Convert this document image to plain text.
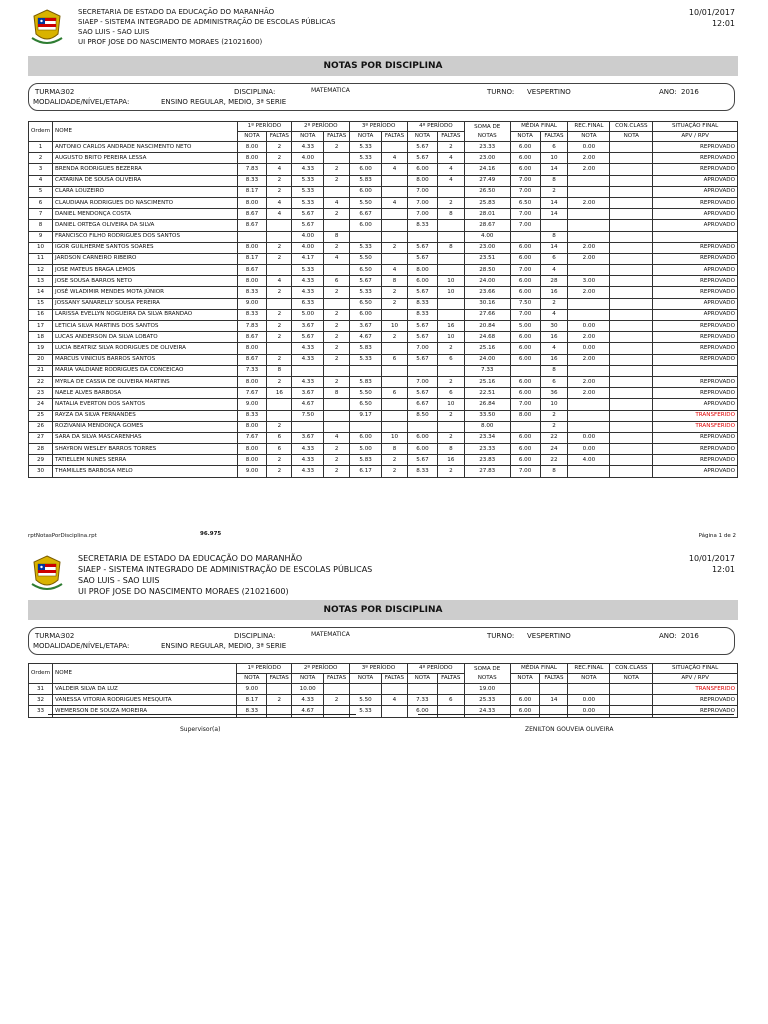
SECRETARIA DE ESTADO DA EDUCAÇÃO DO MARANHÃO
SIAEP - SISTEMA INTEGRADO DE ADMINISTRAÇÃO DE ESCOLAS PÚBLICAS
SAO LUIS - SAO LUIS
UI PROF JOSE DO NASCIMENTO MORAES (21021600)
10/01/2017
12:01
NOTAS POR DISCIPLINA
TURMA:
302	DISCIPLINA:	MATEMATICA	TURNO: VESPERTINO	ANO: 2016
MODALIDADE/NÍVEL/ETAPA:	ENSINO REGULAR, MEDIO, 3ª SERIE
Ordem	NOME	1º PERÍODO		2º PERÍODO		3º PERÍODO		4º PERÍODO		SOMA DE
NOTAS	MÉDIA FINAL		REC.FINAL	CON.CLASS	SITUAÇÃO FINAL
		NOTA	FALTAS	NOTA	FALTAS	NOTA	FALTAS	NOTA	FALTAS		NOTA	FALTAS	NOTA	NOTA	APV / RPV
1	ANTONIO CARLOS ANDRADE NASCIMENTO NETO	8.00	2	4.33	2	5.33		5.67	2	23.33	6.00	6	0.00		REPROVADO
2	AUGUSTO BRITO PEREIRA LESSA	8.00	2	4.00		5.33	4	5.67	4	23.00	6.00	10	2.00		REPROVADO
3	BRENDA RODRIGUES BEZERRA	7.83	4	4.33	2	6.00	4	6.00	4	24.16	6.00	14	2.00		REPROVADO
4	CATARINA DE SOUSA OLIVEIRA	8.33	2	5.33	2	5.83		8.00	4	27.49	7.00	8			APROVADO
5	CLARA LOUZEIRO	8.17	2	5.33		6.00		7.00		26.50	7.00	2			APROVADO
6	CLAUDIANA RODRIGUES DO NASCIMENTO	8.00	4	5.33	4	5.50	4	7.00	2	25.83	6.50	14	2.00		REPROVADO
7	DANIEL MENDONÇA COSTA	8.67	4	5.67	2	6.67		7.00	8	28.01	7.00	14			APROVADO
8	DANIEL ORTEGA OLIVEIRA DA SILVA	8.67		5.67		6.00		8.33		28.67	7.00				APROVADO
9	FRANCISCO FILHO RODRIGUES DOS SANTOS			4.00	8					4.00		8			
10	IGOR GUILHERME SANTOS SOARES	8.00	2	4.00	2	5.33	2	5.67	8	23.00	6.00	14	2.00		REPROVADO
11	JARDSON CARNEIRO RIBEIRO	8.17	2	4.17	4	5.50		5.67		23.51	6.00	6	2.00		REPROVADO
12	JOSE MATEUS BRAGA LEMOS	8.67		5.33		6.50	4	8.00		28.50	7.00	4			APROVADO
13	JOSE SOUSA BARROS NETO	8.00	4	4.33	6	5.67	8	6.00	10	24.00	6.00	28	3.00		REPROVADO
14	JOSÉ WLADIMIR MENDES MOTA JÚNIOR	8.33	2	4.33	2	5.33	2	5.67	10	23.66	6.00	16	2.00		REPROVADO
15	JOSSANY SANARELLY SOUSA PEREIRA	9.00		6.33		6.50	2	8.33		30.16	7.50	2			APROVADO
16	LARISSA EVELLYN NOGUEIRA DA SILVA BRANDAO	8.33	2	5.00	2	6.00		8.33		27.66	7.00	4			APROVADO
17	LETICIA SILVA MARTINS DOS SANTOS	7.83	2	3.67	2	3.67	10	5.67	16	20.84	5.00	30	0.00		REPROVADO
18	LUCAS ANDERSON DA SILVA LOBATO	8.67	2	5.67	2	4.67	2	5.67	10	24.68	6.00	16	2.00		REPROVADO
19	LUCIA BEATRIZ SILVA RODRIGUES DE OLIVEIRA	8.00		4.33	2	5.83		7.00	2	25.16	6.00	4	0.00		REPROVADO
20	MARCUS VINICIUS BARROS SANTOS	8.67	2	4.33	2	5.33	6	5.67	6	24.00	6.00	16	2.00		REPROVADO
21	MARIA VALDIANE RODRIGUES DA CONCEICAO	7.33	8							7.33		8			
22	MYRLA DE CASSIA DE OLIVEIRA MARTINS	8.00	2	4.33	2	5.83		7.00	2	25.16	6.00	6	2.00		REPROVADO
23	NAELE ALVES BARBOSA	7.67	16	3.67	8	5.50	6	5.67	6	22.51	6.00	36	2.00		REPROVADO
24	NATALIA EVERTON DOS SANTOS	9.00		4.67		6.50		6.67	10	26.84	7.00	10			APROVADO
25	RAYZA DA SILVA FERNANDES	8.33		7.50		9.17		8.50	2	33.50	8.00	2			TRANSFERIDO
26	ROZIVANIA MENDONÇA GOMES	8.00	2							8.00		2			TRANSFERIDO
27	SARA DA SILVA MASCARENHAS	7.67	6	3.67	4	6.00	10	6.00	2	23.34	6.00	22	0.00		REPROVADO
28	SHAYRON WESLEY BARROS TORRES	8.00	6	4.33	2	5.00	8	6.00	8	23.33	6.00	24	0.00		REPROVADO
29	TATIELLEM NUNES SERRA	8.00	2	4.33	2	5.83	2	5.67	16	23.83	6.00	22	4.00		REPROVADO
30	THAMILLES BARBOSA MELO	9.00	2	4.33	2	6.17	2	8.33	2	27.83	7.00	8			APROVADO
rptNotasPorDisciplina.rpt	96.975	Página 1 de 2
SECRETARIA DE ESTADO DA EDUCAÇÃO DO MARANHÃO
SIAEP - SISTEMA INTEGRADO DE ADMINISTRAÇÃO DE ESCOLAS PÚBLICAS
SAO LUIS - SAO LUIS
UI PROF JOSE DO NASCIMENTO MORAES (21021600)
10/01/2017
12:01
NOTAS POR DISCIPLINA
TURMA:
302	DISCIPLINA:	MATEMATICA	TURNO: VESPERTINO	ANO: 2016
MODALIDADE/NÍVEL/ETAPA:	ENSINO REGULAR, MEDIO, 3ª SERIE
Ordem	NOME	1º PERÍODO		2º PERÍODO		3º PERÍODO		4º PERÍODO		SOMA DE
NOTAS	MÉDIA FINAL		REC.FINAL	CON.CLASS	SITUAÇÃO FINAL
		NOTA	FALTAS	NOTA	FALTAS	NOTA	FALTAS	NOTA	FALTAS		NOTA	FALTAS	NOTA	NOTA	APV / RPV
31	VALDEIR SILVA DA LUZ	9.00		10.00						19.00					TRANSFERIDO
32	VANESSA VITORIA RODRIGUES MESQUITA	8.17	2	4.33	2	5.50	4	7.33	6	25.33	6.00	14	0.00		REPROVADO
33	WEMERSON DE SOUZA MOREIRA	8.33		4.67		5.33		6.00		24.33	6.00		0.00		REPROVADO
Supervisor(a)	ZENILTON GOUVEIA OLIVEIRA
